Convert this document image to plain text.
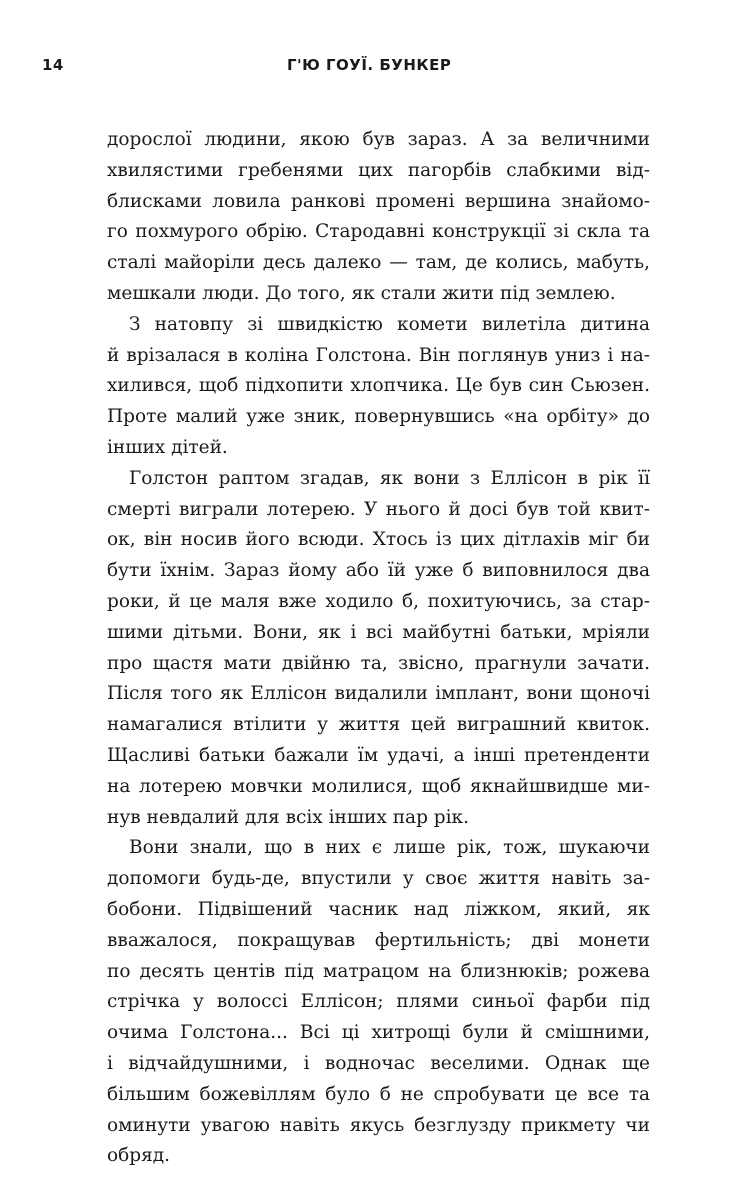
14	Г'Ю ГОУЇ. БУНКЕР
дорослої людини, якою був зараз. А за величними
хвилястими гребенями цих пагорбів слабкими від-
блисками ловила ранкові промені вершина знайомо-
го похмурого обрію. Стародавні конструкції зі скла та
сталі майоріли десь далеко — там, де колись, мабуть,
мешкали люди. До того, як стали жити під землею.
З натовпу зі швидкістю комети вилетіла дитина
й врізалася в коліна Голстона. Він поглянув униз і на-
хилився, щоб підхопити хлопчика. Це був син Сьюзен.
Проте малий уже зник, повернувшись «на орбіту» до
інших дітей.
Голстон раптом згадав, як вони з Еллісон в рік її
смерті виграли лотерею. У нього й досі був той квит-
ок, він носив його всюди. Хтось із цих дітлахів міг би
бути їхнім. Зараз йому або їй уже б виповнилося два
роки, й це маля вже ходило б, похитуючись, за стар-
шими дітьми. Вони, як і всі майбутні батьки, мріяли
про щастя мати двійню та, звісно, прагнули зачати.
Після того як Еллісон видалили імплант, вони щоночі
намагалися втілити у життя цей виграшний квиток.
Щасливі батьки бажали їм удачі, а інші претенденти
на лотерею мовчки молилися, щоб якнайшвидше ми-
нув невдалий для всіх інших пар рік.
Вони знали, що в них є лише рік, тож, шукаючи
допомоги будь-де, впустили у своє життя навіть за-
бобони. Підвішений часник над ліжком, який, як
вважалося, покращував фертильність; дві монети
по десять центів під матрацом на близнюків; рожева
стрічка у волоссі Еллісон; плями синьої фарби під
очима Голстона... Всі ці хитрощі були й смішними,
і відчайдушними, і водночас веселими. Однак ще
більшим божевіллям було б не спробувати це все та
оминути увагою навіть якусь безглузду прикмету чи
обряд.
